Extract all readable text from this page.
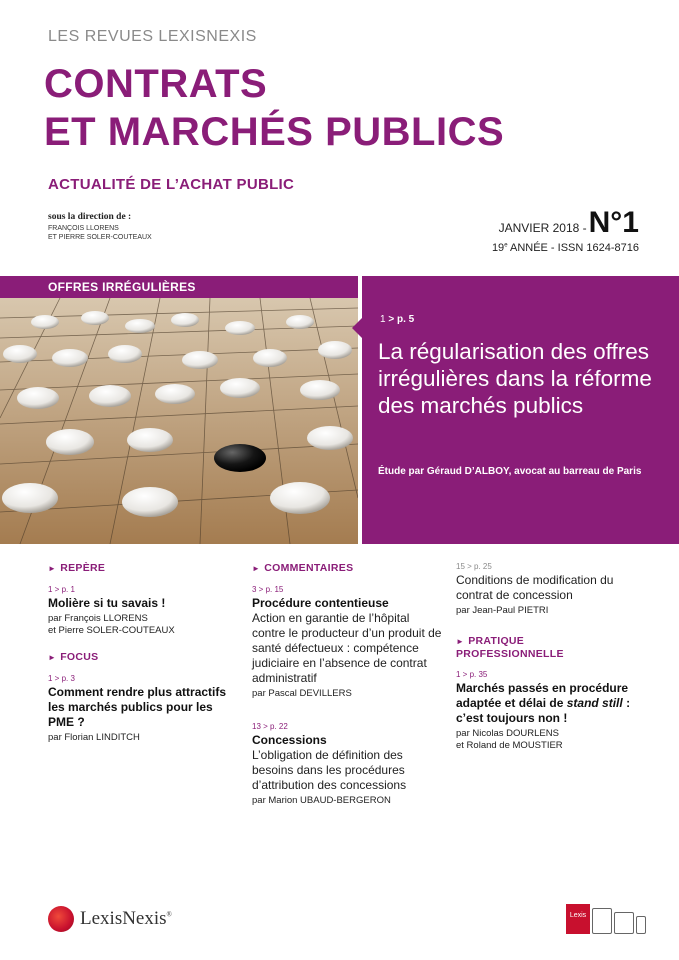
LES REVUES LEXISNEXIS
CONTRATS
ET MARCHÉS PUBLICS
ACTUALITÉ DE L’ACHAT PUBLIC
sous la direction de :
FRANÇOIS LLORENS
ET PIERRE SOLER-COUTEAUX
JANVIER 2018 - N°1
19e ANNÉE - ISSN 1624-8716
OFFRES IRRÉGULIÈRES
1 > p. 5
La régularisation des offres irrégulières dans la réforme des marchés publics
Étude par Géraud D’ALBOY, avocat au barreau de Paris
► REPÈRE
1 > p. 1
Molière si tu savais !
par François LLORENS
et Pierre SOLER-COUTEAUX
► FOCUS
1 > p. 3
Comment rendre plus attractifs les marchés publics pour les PME ?
par Florian LINDITCH
► COMMENTAIRES
3 > p. 15
Procédure contentieuse
Action en garantie de l’hôpital contre le producteur d’un produit de santé défectueux : compétence judiciaire en l’absence de contrat administratif
par Pascal DEVILLERS
13 > p. 22
Concessions
L’obligation de définition des besoins dans les procédures d’attribution des concessions
par Marion UBAUD-BERGERON
15 > p. 25
Conditions de modification du contrat de concession
par Jean-Paul PIETRI
► PRATIQUE PROFESSIONNELLE
1 > p. 35
Marchés passés en procédure adaptée et délai de stand still : c’est toujours non !
par Nicolas DOURLENS
et Roland de MOUSTIER
LexisNexis®	Lexis
